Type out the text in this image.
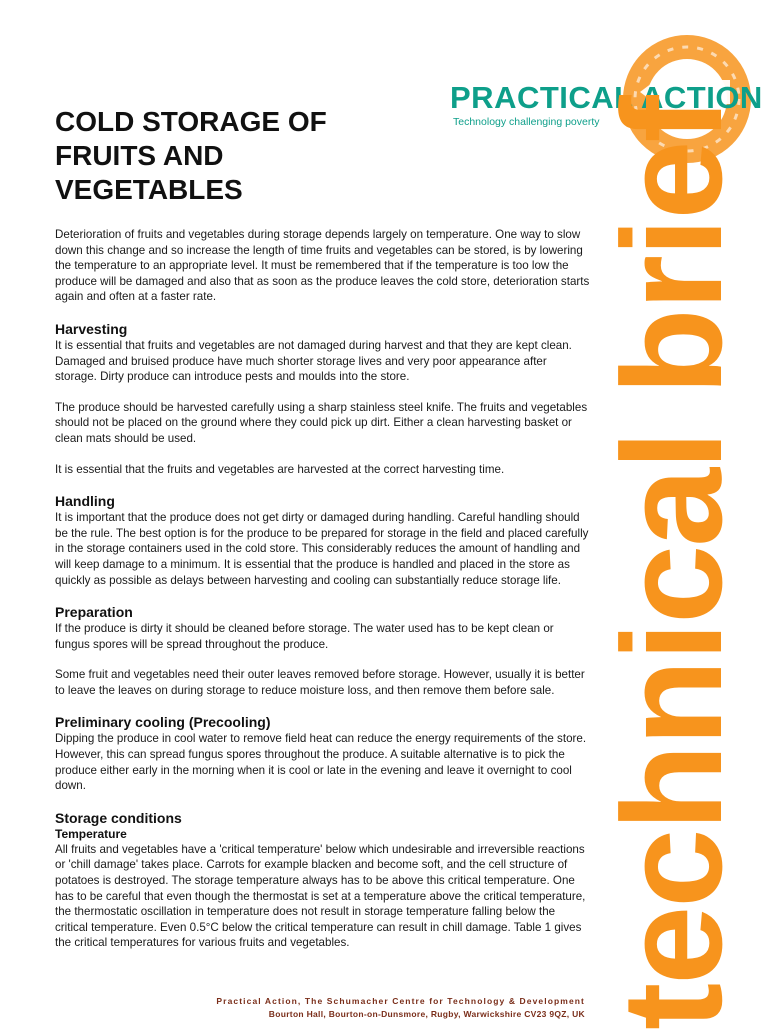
PRACTICAL ACTION
Technology challenging poverty
technical brief
COLD STORAGE OF FRUITS AND VEGETABLES

Deterioration of fruits and vegetables during storage depends largely on temperature. One way to slow down this change and so increase the length of time fruits and vegetables can be stored, is by lowering the temperature to an appropriate level. It must be remembered that if the temperature is too low the produce will be damaged and also that as soon as the produce leaves the cold store, deterioration starts again and often at a faster rate.

Harvesting

It is essential that fruits and vegetables are not damaged during harvest and that they are kept clean. Damaged and bruised produce have much shorter storage lives and very poor appearance after storage. Dirty produce can introduce pests and moulds into the store.

The produce should be harvested carefully using a sharp stainless steel knife. The fruits and vegetables should not be placed on the ground where they could pick up dirt. Either a clean harvesting basket or clean mats should be used.

It is essential that the fruits and vegetables are harvested at the correct harvesting time.

Handling

It is important that the produce does not get dirty or damaged during handling. Careful handling should be the rule. The best option is for the produce to be prepared for storage in the field and placed carefully in the storage containers used in the cold store. This considerably reduces the amount of handling and will keep damage to a minimum. It is essential that the produce is handled and placed in the store as quickly as possible as delays between harvesting and cooling can substantially reduce storage life.

Preparation

If the produce is dirty it should be cleaned before storage. The water used has to be kept clean or fungus spores will be spread throughout the produce.

Some fruit and vegetables need their outer leaves removed before storage. However, usually it is better to leave the leaves on during storage to reduce moisture loss, and then remove them before sale.

Preliminary cooling (Precooling)

Dipping the produce in cool water to remove field heat can reduce the energy requirements of the store. However, this can spread fungus spores throughout the produce. A suitable alternative is to pick the produce either early in the morning when it is cool or late in the evening and leave it overnight to cool down.

Storage conditions
Temperature

All fruits and vegetables have a 'critical temperature' below which undesirable and irreversible reactions or 'chill damage' takes place. Carrots for example blacken and become soft, and the cell structure of potatoes is destroyed. The storage temperature always has to be above this critical temperature. One has to be careful that even though the thermostat is set at a temperature above the critical temperature, the thermostatic oscillation in temperature does not result in storage temperature falling below the critical temperature. Even 0.5°C below the critical temperature can result in chill damage. Table 1 gives the critical temperatures for various fruits and vegetables.

Practical Action, The Schumacher Centre for Technology & Development
Bourton Hall, Bourton-on-Dunsmore, Rugby, Warwickshire CV23 9QZ, UK
